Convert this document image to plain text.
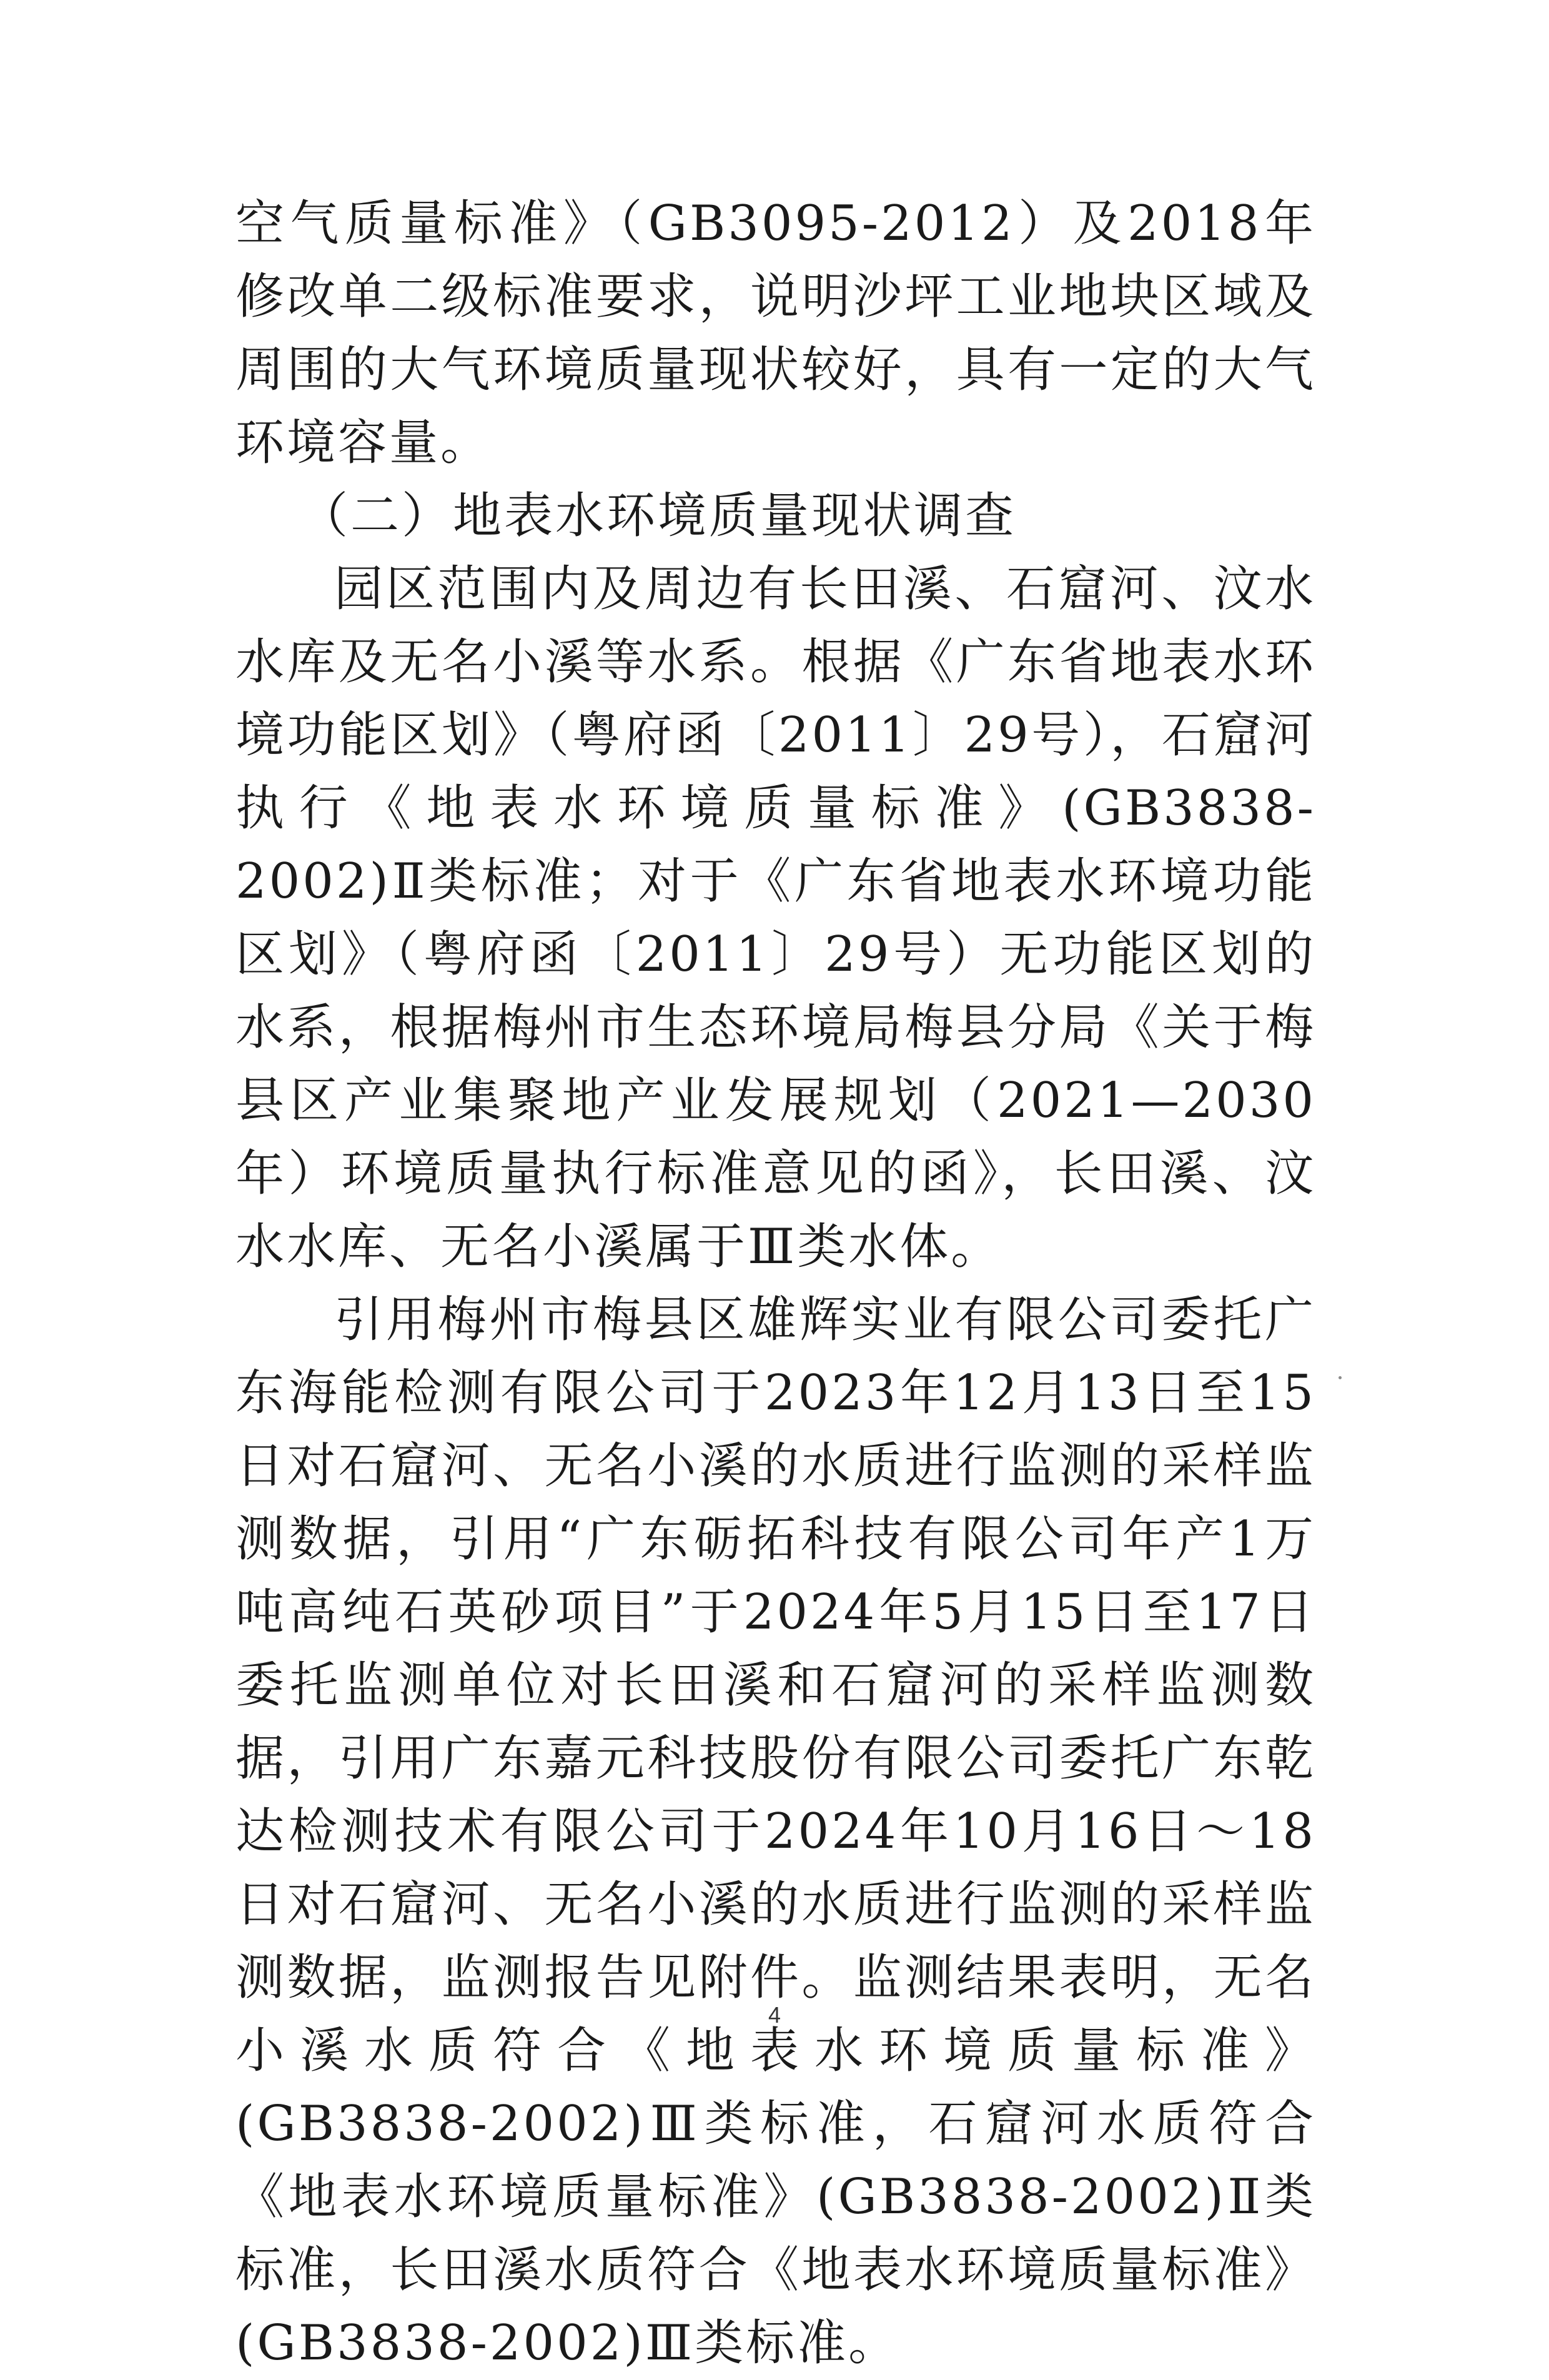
空气质量标准》（GB3095-2012）及2018年修改单二级标准要求，说明沙坪工业地块区域及周围的大气环境质量现状较好，具有一定的大气环境容量。

（二）地表水环境质量现状调查

园区范围内及周边有长田溪、石窟河、汶水水库及无名小溪等水系。根据《广东省地表水环境功能区划》（粤府函〔2011〕29号），石窟河执行《地表水环境质量标准》(GB3838-2002)Ⅱ类标准；对于《广东省地表水环境功能区划》（粤府函〔2011〕29号）无功能区划的水系，根据梅州市生态环境局梅县分局《关于梅县区产业集聚地产业发展规划（2021—2030年）环境质量执行标准意见的函》，长田溪、汶水水库、无名小溪属于Ⅲ类水体。

引用梅州市梅县区雄辉实业有限公司委托广东海能检测有限公司于2023年12月13日至15日对石窟河、无名小溪的水质进行监测的采样监测数据，引用“广东砺拓科技有限公司年产1万吨高纯石英砂项目”于2024年5月15日至17日委托监测单位对长田溪和石窟河的采样监测数据，引用广东嘉元科技股份有限公司委托广东乾达检测技术有限公司于2024年10月16日～18日对石窟河、无名小溪的水质进行监测的采样监测数据，监测报告见附件。监测结果表明，无名小溪水质符合《地表水环境质量标准》(GB3838-2002)Ⅲ类标准，石窟河水质符合《地表水环境质量标准》(GB3838-2002)Ⅱ类标准，长田溪水质符合《地表水环境质量标准》(GB3838-2002)Ⅲ类标准。

4
